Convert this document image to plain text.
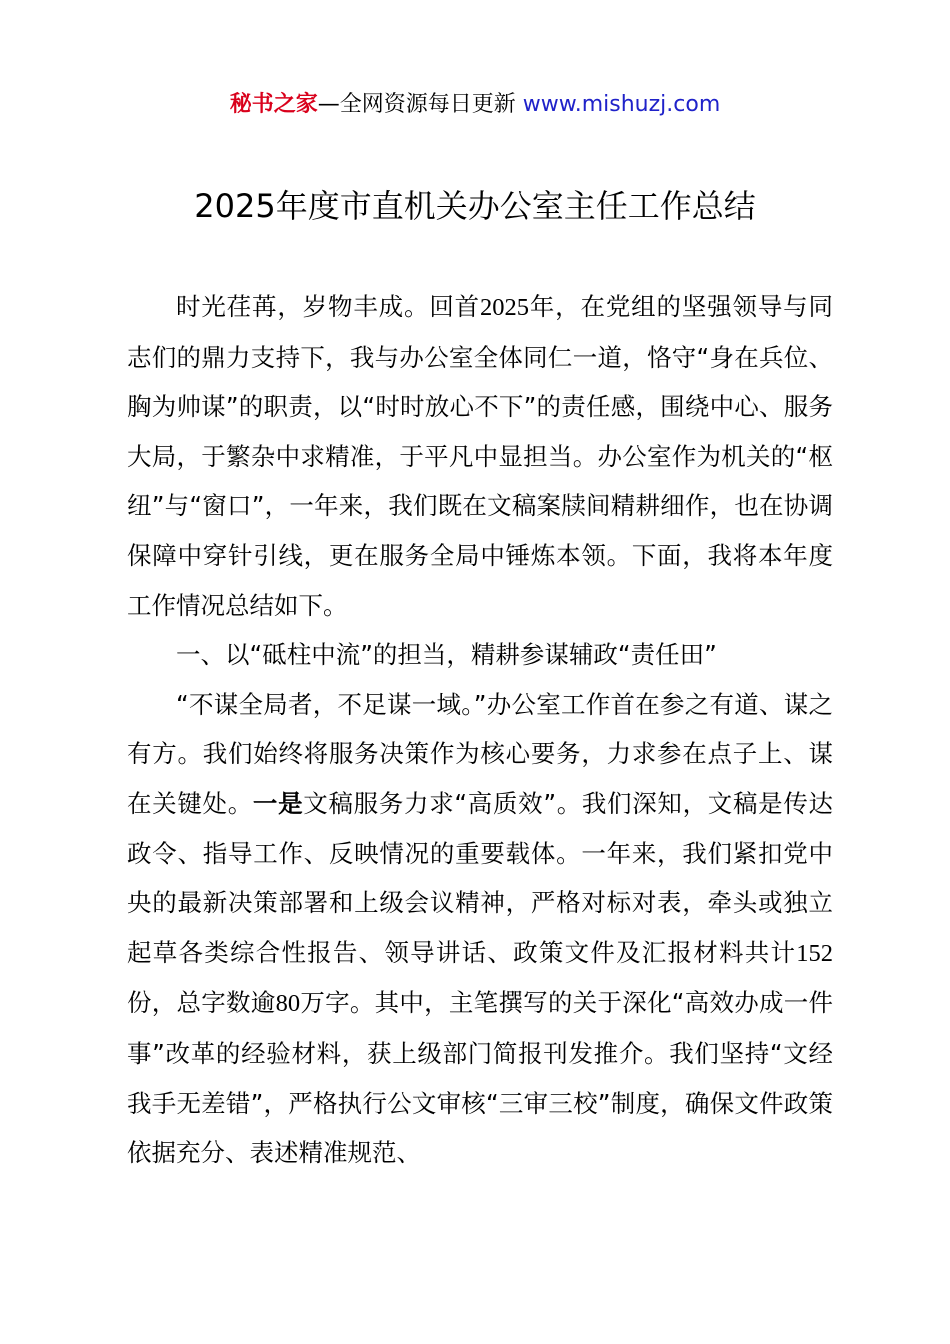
秘书之家—全网资源每日更新 www.mishuzj.com
2025年度市直机关办公室主任工作总结

时光荏苒，岁物丰成。回首2025年，在党组的坚强领导与同志们的鼎力支持下，我与办公室全体同仁一道，恪守“身在兵位、胸为帅谋”的职责，以“时时放心不下”的责任感，围绕中心、服务大局，于繁杂中求精准，于平凡中显担当。办公室作为机关的“枢纽”与“窗口”，一年来，我们既在文稿案牍间精耕细作，也在协调保障中穿针引线，更在服务全局中锤炼本领。下面，我将本年度工作情况总结如下。

一、以“砥柱中流”的担当，精耕参谋辅政“责任田”

“不谋全局者，不足谋一域。”办公室工作首在参之有道、谋之有方。我们始终将服务决策作为核心要务，力求参在点子上、谋在关键处。一是文稿服务力求“高质效”。我们深知，文稿是传达政令、指导工作、反映情况的重要载体。一年来，我们紧扣党中央的最新决策部署和上级会议精神，严格对标对表，牵头或独立起草各类综合性报告、领导讲话、政策文件及汇报材料共计152份，总字数逾80万字。其中，主笔撰写的关于深化“高效办成一件事”改革的经验材料，获上级部门简报刊发推介。我们坚持“文经我手无差错”，严格执行公文审核“三审三校”制度，确保文件政策依据充分、表述精准规范、
